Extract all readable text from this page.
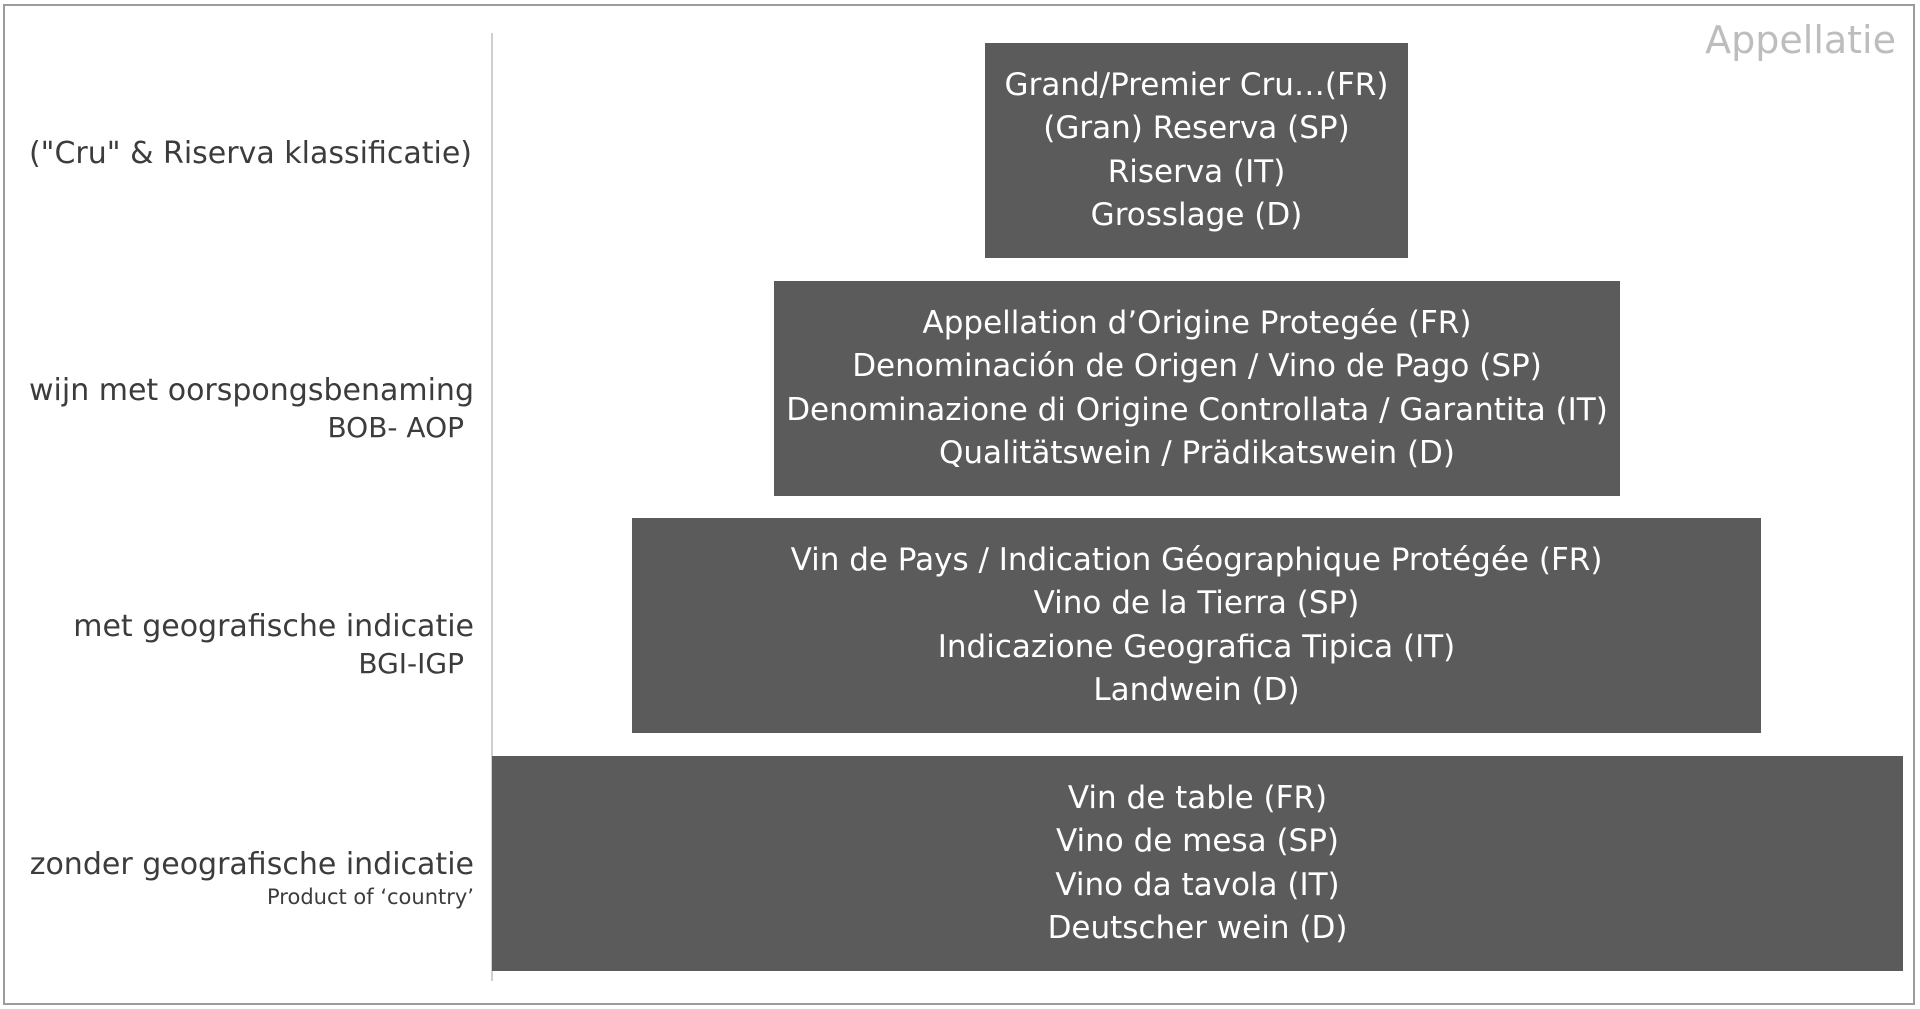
Appellatie
("Cru" & Riserva klassificatie)
wijn met oorspongsbenaming
BOB- AOP
met geografische indicatie
BGI-IGP
zonder geografische indicatie
Product of ‘country’
Grand/Premier Cru…(FR)
(Gran) Reserva (SP)
Riserva (IT)
Grosslage (D)
Appellation d’Origine Protegée (FR)
Denominación de Origen / Vino de Pago (SP)
Denominazione di Origine Controllata / Garantita (IT)
Qualitätswein / Prädikatswein (D)
Vin de Pays / Indication Géographique Protégée (FR)
Vino de la Tierra (SP)
Indicazione Geografica Tipica (IT)
Landwein (D)
Vin de table (FR)
Vino de mesa (SP)
Vino da tavola (IT)
Deutscher wein (D)
